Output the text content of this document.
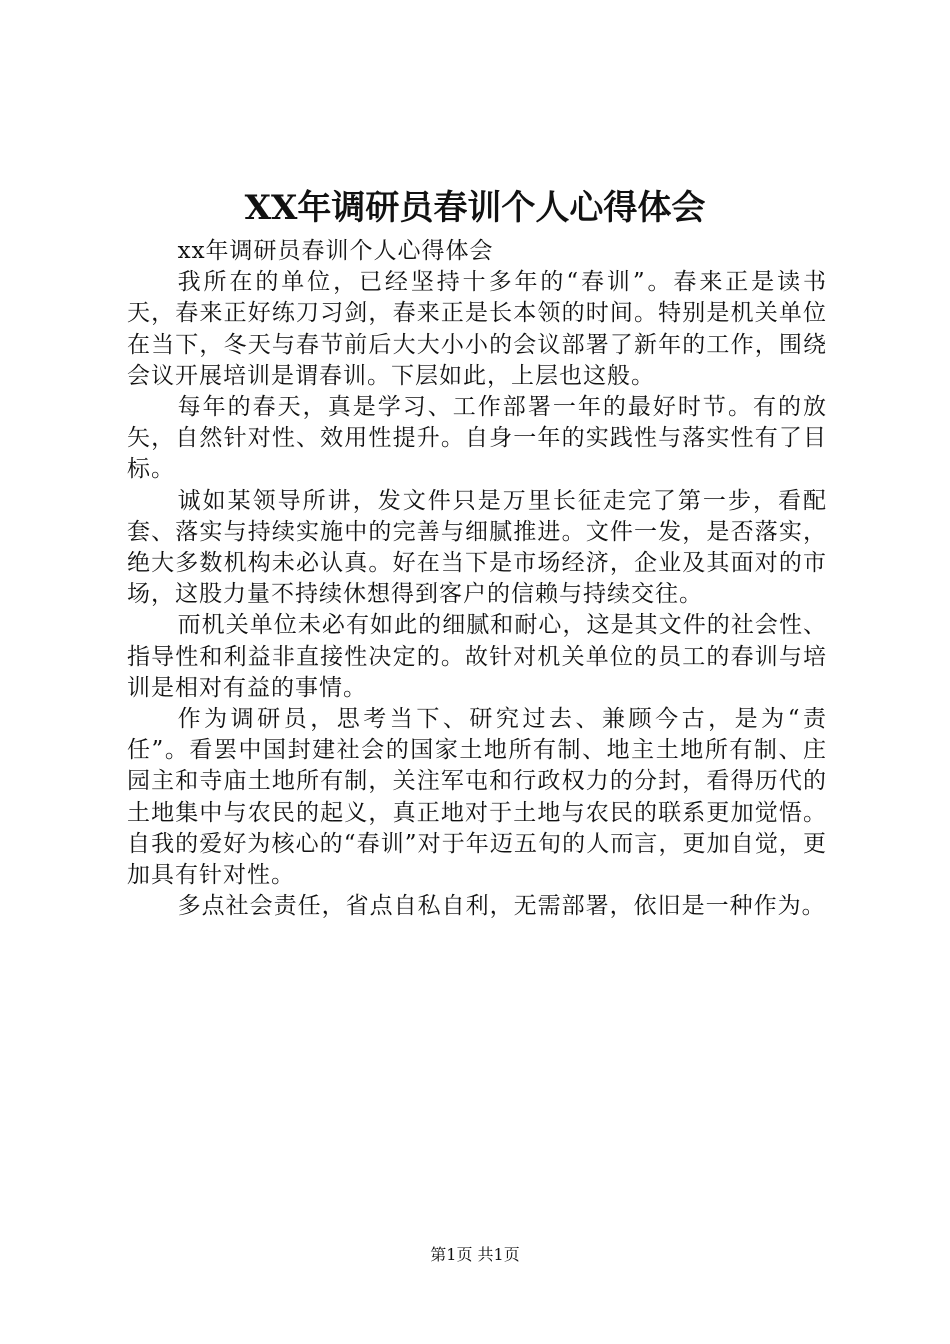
XX年调研员春训个人心得体会

xx年调研员春训个人心得体会

我所在的单位，已经坚持十多年的“春训”。春来正是读书天，春来正好练刀习剑，春来正是长本领的时间。特别是机关单位在当下，冬天与春节前后大大小小的会议部署了新年的工作，围绕会议开展培训是谓春训。下层如此，上层也这般。

每年的春天，真是学习、工作部署一年的最好时节。有的放矢，自然针对性、效用性提升。自身一年的实践性与落实性有了目标。

诚如某领导所讲，发文件只是万里长征走完了第一步，看配套、落实与持续实施中的完善与细腻推进。文件一发，是否落实，绝大多数机构未必认真。好在当下是市场经济，企业及其面对的市场，这股力量不持续休想得到客户的信赖与持续交往。

而机关单位未必有如此的细腻和耐心，这是其文件的社会性、指导性和利益非直接性决定的。故针对机关单位的员工的春训与培训是相对有益的事情。

作为调研员，思考当下、研究过去、兼顾今古，是为“责任”。看罢中国封建社会的国家土地所有制、地主土地所有制、庄园主和寺庙土地所有制，关注军屯和行政权力的分封，看得历代的土地集中与农民的起义，真正地对于土地与农民的联系更加觉悟。自我的爱好为核心的“春训”对于年迈五旬的人而言，更加自觉，更加具有针对性。

多点社会责任，省点自私自利，无需部署，依旧是一种作为。

第1页 共1页
